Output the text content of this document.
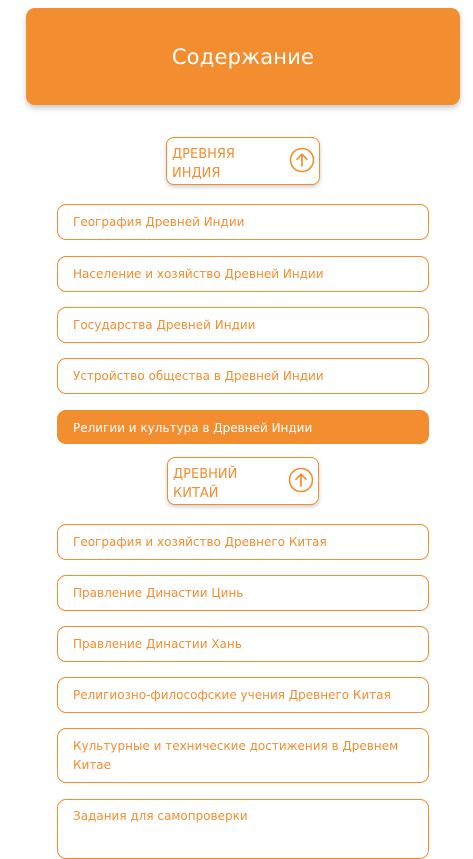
Содержание
ДРЕВНЯЯ
ИНДИЯ
География Древней Индии
Население и хозяйство Древней Индии
Государства Древней Индии
Устройство общества в Древней Индии
Религии и культура в Древней Индии
ДРЕВНИЙ
КИТАЙ
География и хозяйство Древнего Китая
Правление Династии Цинь
Правление Династии Хань
Религиозно-философские учения Древнего Китая
Культурные и технические достижения в Древнем Китае
Задания для самопроверки
